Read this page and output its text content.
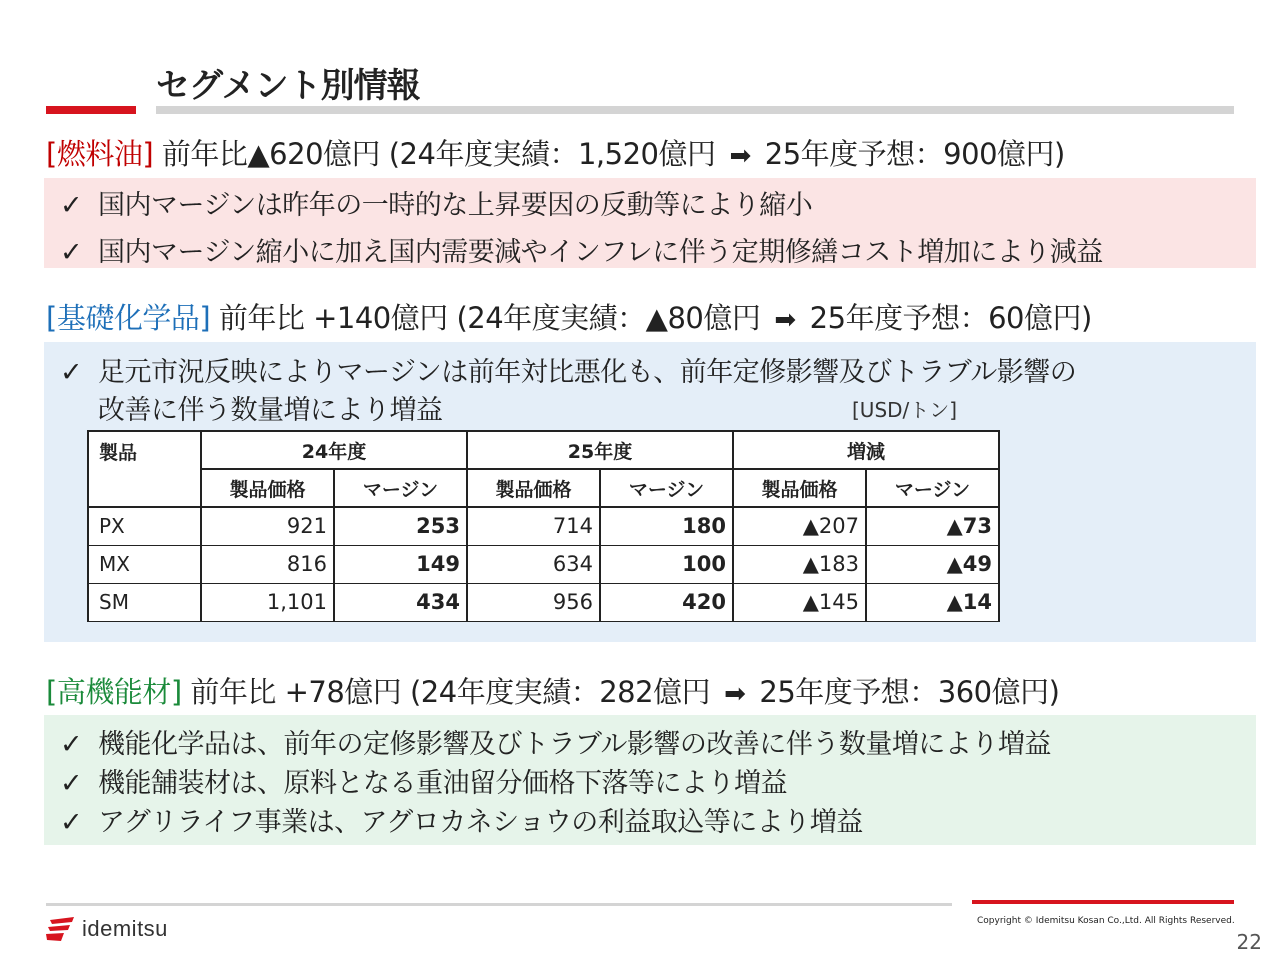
セグメント別情報
[燃料油] 前年比▲620億円 (24年度実績：1,520億円 ➡ 25年度予想：900億円)
✓ 国内マージンは昨年の一時的な上昇要因の反動等により縮小
✓ 国内マージン縮小に加え国内需要減やインフレに伴う定期修繕コスト増加により減益
[基礎化学品] 前年比 +140億円 (24年度実績：▲80億円 ➡ 25年度予想：60億円)
✓ 足元市況反映によりマージンは前年対比悪化も、前年定修影響及びトラブル影響の
改善に伴う数量増により増益	[USD/トン]
製品	24年度		25年度		増減	
	製品価格	マージン	製品価格	マージン	製品価格	マージン
PX	921	253	714	180	▲207	▲73
MX	816	149	634	100	▲183	▲49
SM	1,101	434	956	420	▲145	▲14
[高機能材] 前年比 +78億円 (24年度実績：282億円 ➡ 25年度予想：360億円)
✓ 機能化学品は、前年の定修影響及びトラブル影響の改善に伴う数量増により増益
✓ 機能舗装材は、原料となる重油留分価格下落等により増益
✓ アグリライフ事業は、アグロカネショウの利益取込等により増益
idemitsu	Copyright © Idemitsu Kosan Co.,Ltd. All Rights Reserved.
22
